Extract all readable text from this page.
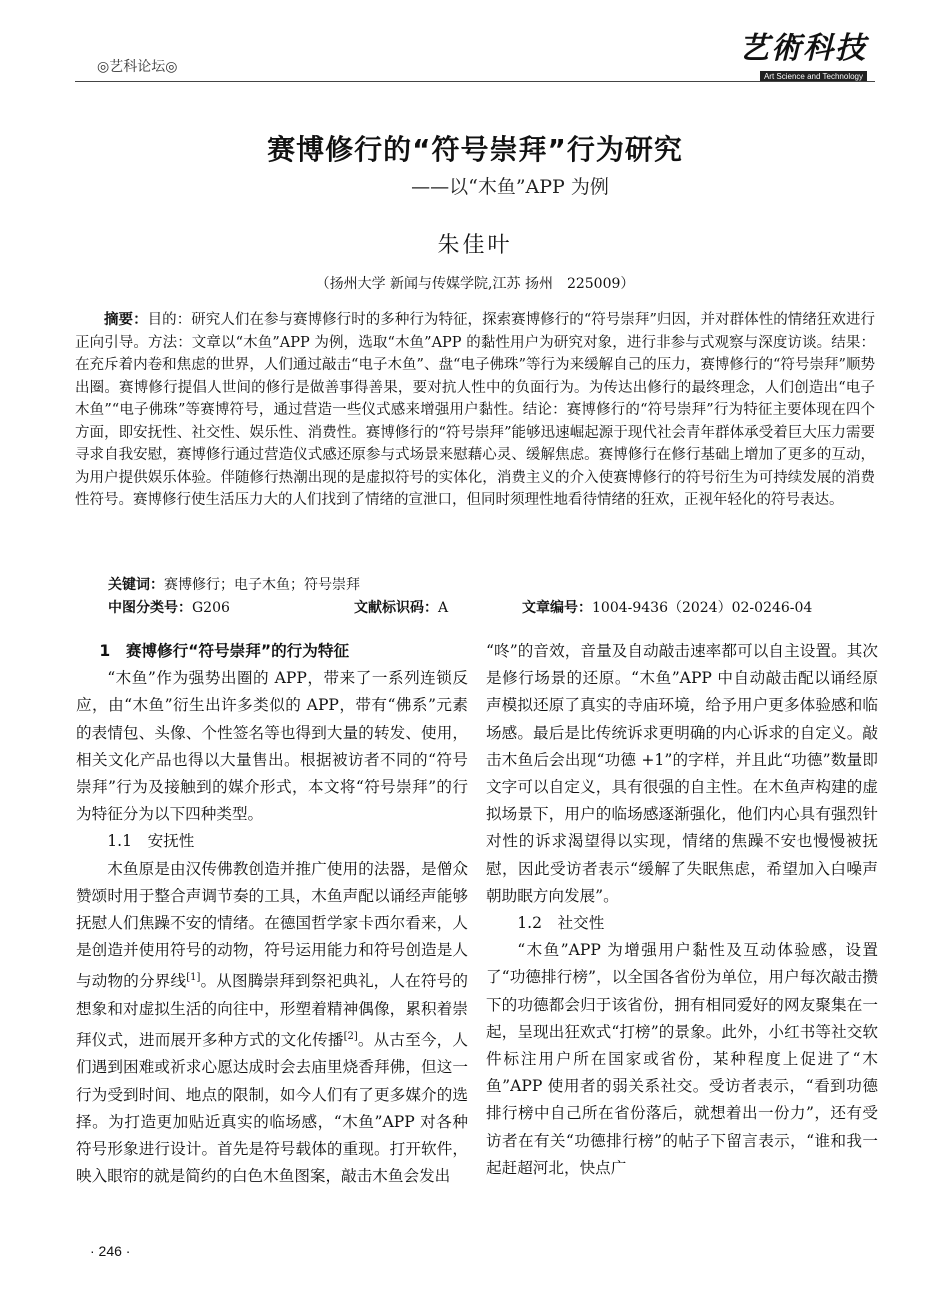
◎艺科论坛◎
艺術科技
Art Science and Technology
赛博修行的“符号崇拜”行为研究
——以“木鱼”APP 为例
朱佳叶
（扬州大学 新闻与传媒学院,江苏 扬州　225009）
摘要：目的：研究人们在参与赛博修行时的多种行为特征，探索赛博修行的“符号崇拜”归因，并对群体性的情绪狂欢进行正向引导。方法：文章以“木鱼”APP 为例，选取“木鱼”APP 的黏性用户为研究对象，进行非参与式观察与深度访谈。结果：在充斥着内卷和焦虑的世界，人们通过敲击“电子木鱼”、盘“电子佛珠”等行为来缓解自己的压力，赛博修行的“符号崇拜”顺势出圈。赛博修行提倡人世间的修行是做善事得善果，要对抗人性中的负面行为。为传达出修行的最终理念，人们创造出“电子木鱼”“电子佛珠”等赛博符号，通过营造一些仪式感来增强用户黏性。结论：赛博修行的“符号崇拜”行为特征主要体现在四个方面，即安抚性、社交性、娱乐性、消费性。赛博修行的“符号崇拜”能够迅速崛起源于现代社会青年群体承受着巨大压力需要寻求自我安慰，赛博修行通过营造仪式感还原参与式场景来慰藉心灵、缓解焦虑。赛博修行在修行基础上增加了更多的互动，为用户提供娱乐体验。伴随修行热潮出现的是虚拟符号的实体化，消费主义的介入使赛博修行的符号衍生为可持续发展的消费性符号。赛博修行使生活压力大的人们找到了情绪的宣泄口，但同时须理性地看待情绪的狂欢，正视年轻化的符号表达。
关键词：赛博修行；电子木鱼；符号崇拜
中图分类号：G206	文献标识码：A	文章编号：1004-9436（2024）02-0246-04

1　赛博修行“符号崇拜”的行为特征

“木鱼”作为强势出圈的 APP，带来了一系列连锁反应，由“木鱼”衍生出许多类似的 APP，带有“佛系”元素的表情包、头像、个性签名等也得到大量的转发、使用，相关文化产品也得以大量售出。根据被访者不同的“符号崇拜”行为及接触到的媒介形式，本文将“符号崇拜”的行为特征分为以下四种类型。

1.1　安抚性

木鱼原是由汉传佛教创造并推广使用的法器，是僧众赞颂时用于整合声调节奏的工具，木鱼声配以诵经声能够抚慰人们焦躁不安的情绪。在德国哲学家卡西尔看来，人是创造并使用符号的动物，符号运用能力和符号创造是人与动物的分界线[1]。从图腾崇拜到祭祀典礼，人在符号的想象和对虚拟生活的向往中，形塑着精神偶像，累积着崇拜仪式，进而展开多种方式的文化传播[2]。从古至今，人们遇到困难或祈求心愿达成时会去庙里烧香拜佛，但这一行为受到时间、地点的限制，如今人们有了更多媒介的选择。为打造更加贴近真实的临场感，“木鱼”APP 对各种符号形象进行设计。首先是符号载体的重现。打开软件，映入眼帘的就是简约的白色木鱼图案，敲击木鱼会发出

“咚”的音效，音量及自动敲击速率都可以自主设置。其次是修行场景的还原。“木鱼”APP 中自动敲击配以诵经原声模拟还原了真实的寺庙环境，给予用户更多体验感和临场感。最后是比传统诉求更明确的内心诉求的自定义。敲击木鱼后会出现“功德 +1”的字样，并且此“功德”数量即文字可以自定义，具有很强的自主性。在木鱼声构建的虚拟场景下，用户的临场感逐渐强化，他们内心具有强烈针对性的诉求渴望得以实现，情绪的焦躁不安也慢慢被抚慰，因此受访者表示“缓解了失眠焦虑，希望加入白噪声朝助眠方向发展”。

1.2　社交性

“木鱼”APP 为增强用户黏性及互动体验感，设置了“功德排行榜”，以全国各省份为单位，用户每次敲击攒下的功德都会归于该省份，拥有相同爱好的网友聚集在一起，呈现出狂欢式“打榜”的景象。此外，小红书等社交软件标注用户所在国家或省份，某种程度上促进了“木鱼”APP 使用者的弱关系社交。受访者表示，“看到功德排行榜中自己所在省份落后，就想着出一份力”，还有受访者在有关“功德排行榜”的帖子下留言表示，“谁和我一起赶超河北，快点广

· 246 ·
